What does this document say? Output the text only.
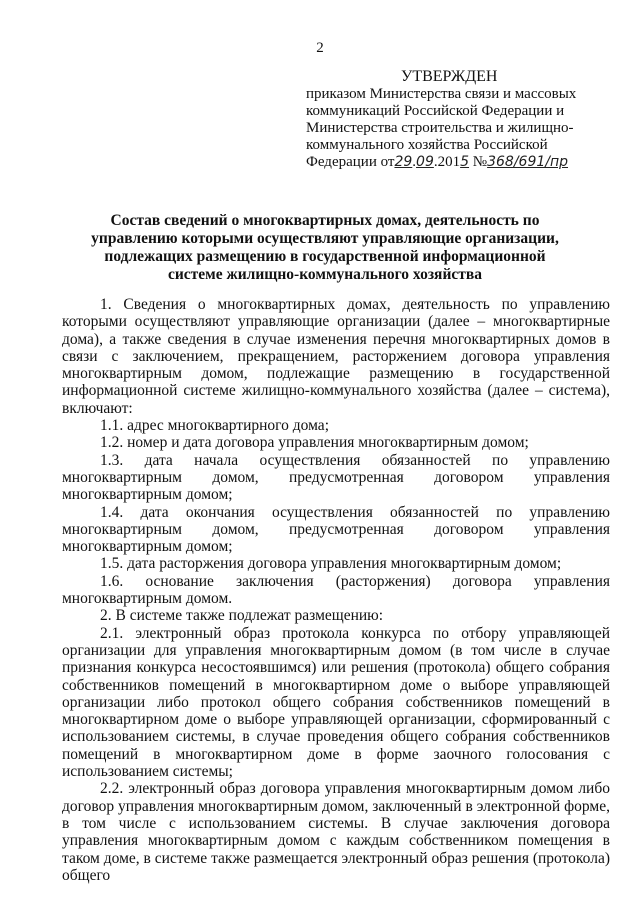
2
УТВЕРЖДЕН
приказом Министерства связи и массовых
коммуникаций Российской Федерации и
Министерства строительства и жилищно-
коммунального хозяйства Российской
Федерации от29.09.2015 №368/691/пр
Состав сведений о многоквартирных домах, деятельность по
управлению которыми осуществляют управляющие организации,
подлежащих размещению в государственной информационной
системе жилищно-коммунального хозяйства

1. Сведения о многоквартирных домах, деятельность по управлению которыми осуществляют управляющие организации (далее – многоквартирные дома), а также сведения в случае изменения перечня многоквартирных домов в связи с заключением, прекращением, расторжением договора управления многоквартирным домом, подлежащие размещению в государственной информационной системе жилищно-коммунального хозяйства (далее – система), включают:

1.1. адрес многоквартирного дома;

1.2. номер и дата договора управления многоквартирным домом;

1.3. дата начала осуществления обязанностей по управлению многоквартирным домом, предусмотренная договором управления многоквартирным домом;

1.4. дата окончания осуществления обязанностей по управлению многоквартирным домом, предусмотренная договором управления многоквартирным домом;

1.5. дата расторжения договора управления многоквартирным домом;

1.6. основание заключения (расторжения) договора управления многоквартирным домом.

2. В системе также подлежат размещению:

2.1. электронный образ протокола конкурса по отбору управляющей организации для управления многоквартирным домом (в том числе в случае признания конкурса несостоявшимся) или решения (протокола) общего собрания собственников помещений в многоквартирном доме о выборе управляющей организации либо протокол общего собрания собственников помещений в многоквартирном доме о выборе управляющей организации, сформированный с использованием системы, в случае проведения общего собрания собственников помещений в многоквартирном доме в форме заочного голосования с использованием системы;

2.2. электронный образ договора управления многоквартирным домом либо договор управления многоквартирным домом, заключенный в электронной форме, в том числе с использованием системы. В случае заключения договора управления многоквартирным домом с каждым собственником помещения в таком доме, в системе также размещается электронный образ решения (протокола) общего
